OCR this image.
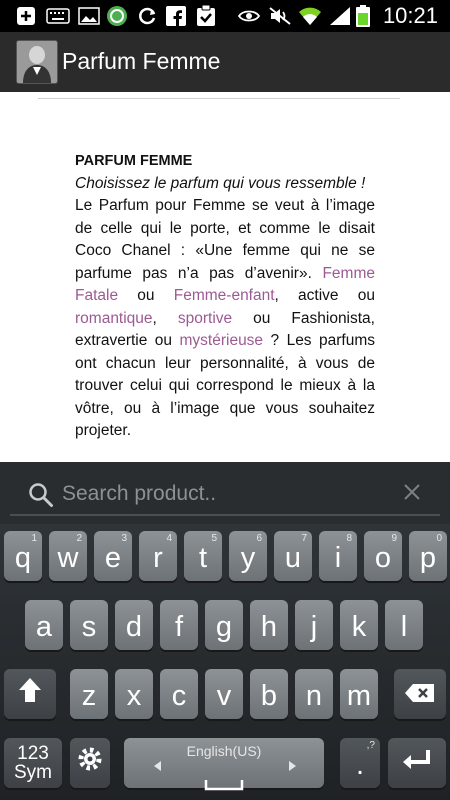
10:21
Parfum Femme
PARFUM FEMME
Choisissez le parfum qui vous ressemble !
Le Parfum pour Femme se veut à l’image de celle qui le porte, et comme le disait Coco Chanel : «Une femme qui ne se parfume pas n’a pas d’avenir». Femme Fatale ou Femme-enfant, active ou romantique, sportive ou Fashionista, extravertie ou mystérieuse ? Les parfums ont chacun leur personnalité, à vous de trouver celui qui correspond le mieux à la vôtre, ou à l’image que vous souhaitez projeter.
Search product..
1
q
2
w
3
e
4
r
5
t
6
y
7
u
8
i
9
o
0
p
a s d f g h j k l
z x c v b n m
123
Sym
English(US)	,?
.
